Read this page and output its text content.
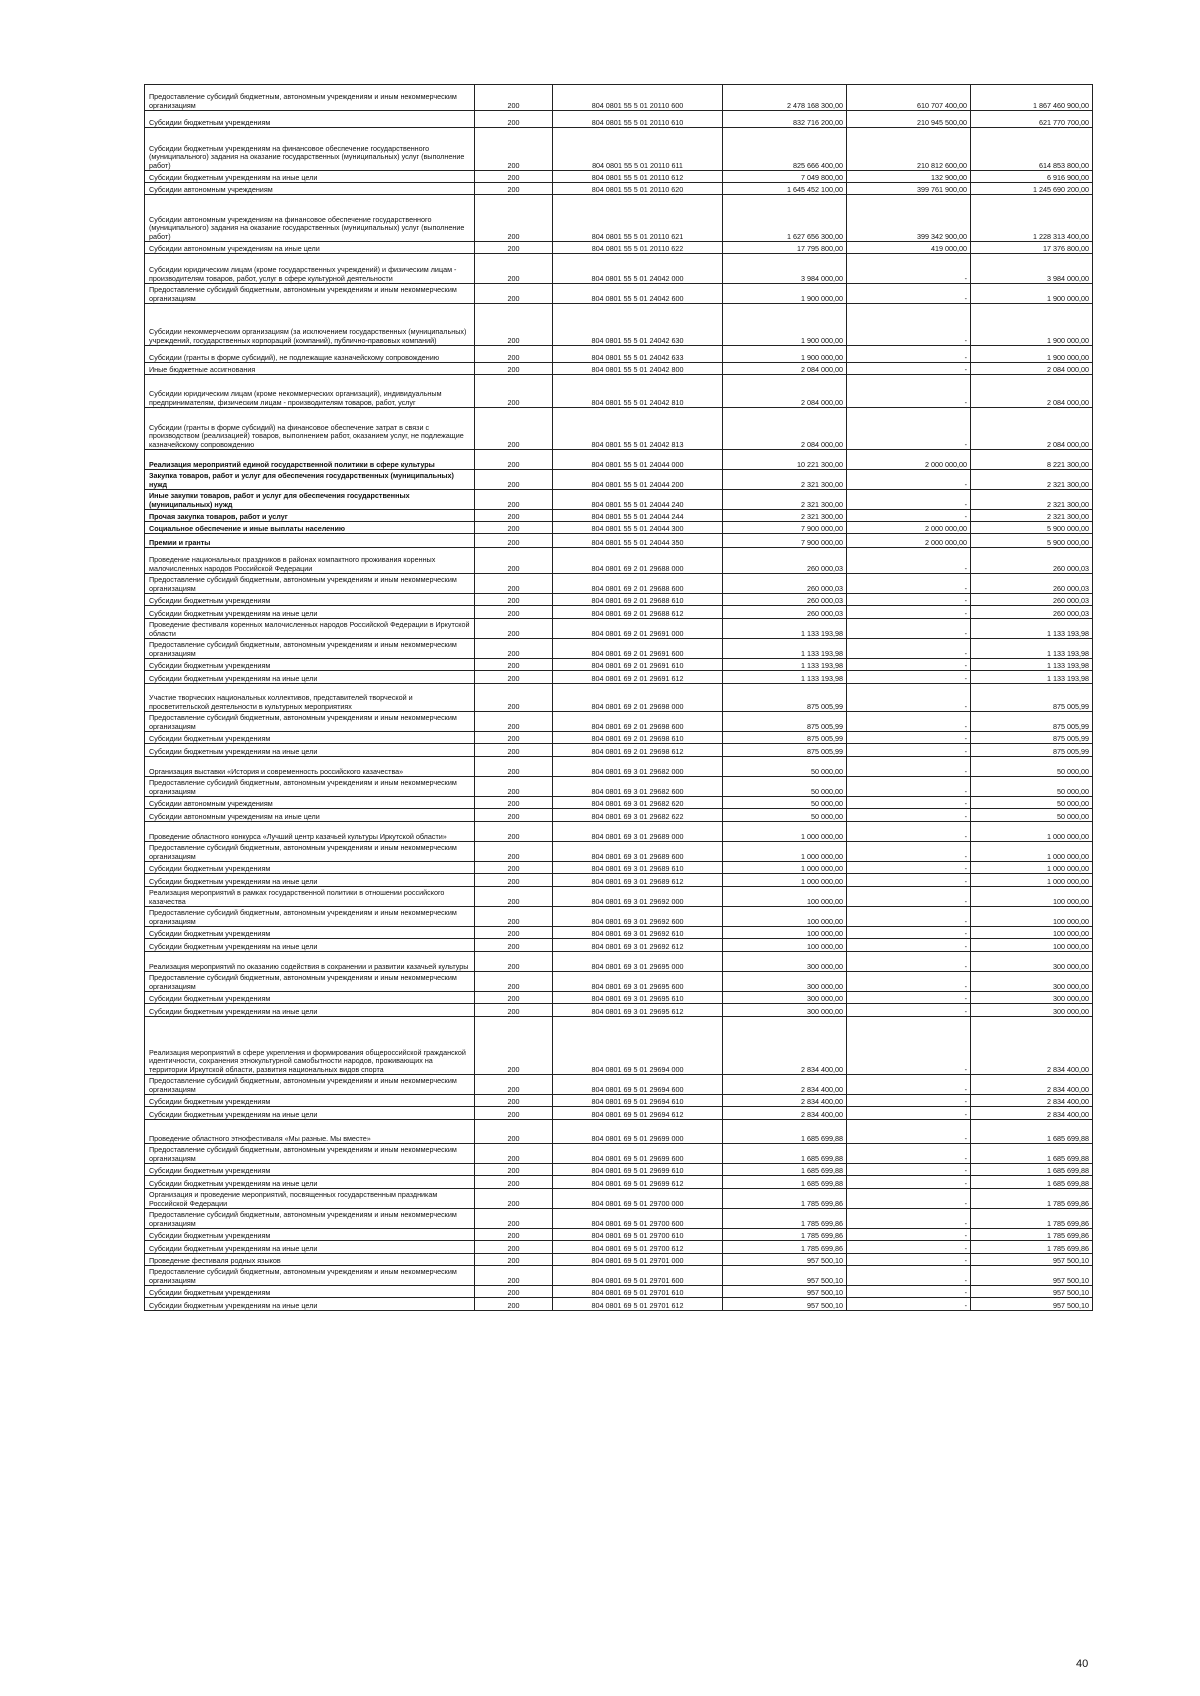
Предоставление субсидий бюджетным, автономным учреждениям и иным некоммерческим организациям	200	804 0801 55 5 01 20110 600	2 478 168 300,00	610 707 400,00	1 867 460 900,00
Субсидии бюджетным учреждениям	200	804 0801 55 5 01 20110 610	832 716 200,00	210 945 500,00	621 770 700,00
Субсидии бюджетным учреждениям на финансовое обеспечение государственного (муниципального) задания на оказание государственных (муниципальных) услуг (выполнение работ)	200	804 0801 55 5 01 20110 611	825 666 400,00	210 812 600,00	614 853 800,00
Субсидии бюджетным учреждениям на иные цели	200	804 0801 55 5 01 20110 612	7 049 800,00	132 900,00	6 916 900,00
Субсидии автономным учреждениям	200	804 0801 55 5 01 20110 620	1 645 452 100,00	399 761 900,00	1 245 690 200,00
Субсидии автономным учреждениям на финансовое обеспечение государственного (муниципального) задания на оказание государственных (муниципальных) услуг (выполнение работ)	200	804 0801 55 5 01 20110 621	1 627 656 300,00	399 342 900,00	1 228 313 400,00
Субсидии автономным учреждениям на иные цели	200	804 0801 55 5 01 20110 622	17 795 800,00	419 000,00	17 376 800,00
Субсидии юридическим лицам (кроме государственных учреждений) и физическим лицам - производителям товаров, работ, услуг в сфере культурной деятельности	200	804 0801 55 5 01 24042 000	3 984 000,00	-	3 984 000,00
Предоставление субсидий бюджетным, автономным учреждениям и иным некоммерческим организациям	200	804 0801 55 5 01 24042 600	1 900 000,00	-	1 900 000,00
Субсидии некоммерческим организациям (за исключением государственных (муниципальных) учреждений, государственных корпораций (компаний), публично-правовых компаний)	200	804 0801 55 5 01 24042 630	1 900 000,00	-	1 900 000,00
Субсидии (гранты в форме субсидий), не подлежащие казначейскому сопровождению	200	804 0801 55 5 01 24042 633	1 900 000,00	-	1 900 000,00
Иные бюджетные ассигнования	200	804 0801 55 5 01 24042 800	2 084 000,00	-	2 084 000,00
Субсидии юридическим лицам (кроме некоммерческих организаций), индивидуальным предпринимателям, физическим лицам - производителям товаров, работ, услуг	200	804 0801 55 5 01 24042 810	2 084 000,00	-	2 084 000,00
Субсидии (гранты в форме субсидий) на финансовое обеспечение затрат в связи с производством (реализацией) товаров, выполнением работ, оказанием услуг, не подлежащие казначейскому сопровождению	200	804 0801 55 5 01 24042 813	2 084 000,00	-	2 084 000,00
Реализация мероприятий единой государственной политики в сфере культуры	200	804 0801 55 5 01 24044 000	10 221 300,00	2 000 000,00	8 221 300,00
Закупка товаров, работ и услуг для обеспечения государственных (муниципальных) нужд	200	804 0801 55 5 01 24044 200	2 321 300,00	-	2 321 300,00
Иные закупки товаров, работ и услуг для обеспечения государственных (муниципальных) нужд	200	804 0801 55 5 01 24044 240	2 321 300,00	-	2 321 300,00
Прочая закупка товаров, работ и услуг	200	804 0801 55 5 01 24044 244	2 321 300,00	-	2 321 300,00
Социальное обеспечение и иные выплаты населению	200	804 0801 55 5 01 24044 300	7 900 000,00	2 000 000,00	5 900 000,00
Премии и гранты	200	804 0801 55 5 01 24044 350	7 900 000,00	2 000 000,00	5 900 000,00
Проведение национальных праздников в районах компактного проживания коренных малочисленных народов Российской Федерации	200	804 0801 69 2 01 29688 000	260 000,03	-	260 000,03
Предоставление субсидий бюджетным, автономным учреждениям и иным некоммерческим организациям	200	804 0801 69 2 01 29688 600	260 000,03	-	260 000,03
Субсидии бюджетным учреждениям	200	804 0801 69 2 01 29688 610	260 000,03	-	260 000,03
Субсидии бюджетным учреждениям на иные цели	200	804 0801 69 2 01 29688 612	260 000,03	-	260 000,03
Проведение фестиваля коренных малочисленных народов Российской Федерации в Иркутской области	200	804 0801 69 2 01 29691 000	1 133 193,98	-	1 133 193,98
Предоставление субсидий бюджетным, автономным учреждениям и иным некоммерческим организациям	200	804 0801 69 2 01 29691 600	1 133 193,98	-	1 133 193,98
Субсидии бюджетным учреждениям	200	804 0801 69 2 01 29691 610	1 133 193,98	-	1 133 193,98
Субсидии бюджетным учреждениям на иные цели	200	804 0801 69 2 01 29691 612	1 133 193,98	-	1 133 193,98
Участие творческих национальных коллективов, представителей творческой и просветительской деятельности в культурных мероприятиях	200	804 0801 69 2 01 29698 000	875 005,99	-	875 005,99
Предоставление субсидий бюджетным, автономным учреждениям и иным некоммерческим организациям	200	804 0801 69 2 01 29698 600	875 005,99	-	875 005,99
Субсидии бюджетным учреждениям	200	804 0801 69 2 01 29698 610	875 005,99	-	875 005,99
Субсидии бюджетным учреждениям на иные цели	200	804 0801 69 2 01 29698 612	875 005,99	-	875 005,99
Организация выставки «История и современность российского казачества»	200	804 0801 69 3 01 29682 000	50 000,00	-	50 000,00
Предоставление субсидий бюджетным, автономным учреждениям и иным некоммерческим организациям	200	804 0801 69 3 01 29682 600	50 000,00	-	50 000,00
Субсидии автономным учреждениям	200	804 0801 69 3 01 29682 620	50 000,00	-	50 000,00
Субсидии автономным учреждениям на иные цели	200	804 0801 69 3 01 29682 622	50 000,00	-	50 000,00
Проведение областного конкурса «Лучший центр казачьей культуры Иркутской области»	200	804 0801 69 3 01 29689 000	1 000 000,00	-	1 000 000,00
Предоставление субсидий бюджетным, автономным учреждениям и иным некоммерческим организациям	200	804 0801 69 3 01 29689 600	1 000 000,00	-	1 000 000,00
Субсидии бюджетным учреждениям	200	804 0801 69 3 01 29689 610	1 000 000,00	-	1 000 000,00
Субсидии бюджетным учреждениям на иные цели	200	804 0801 69 3 01 29689 612	1 000 000,00	-	1 000 000,00
Реализация мероприятий в рамках государственной политики в отношении российского казачества	200	804 0801 69 3 01 29692 000	100 000,00	-	100 000,00
Предоставление субсидий бюджетным, автономным учреждениям и иным некоммерческим организациям	200	804 0801 69 3 01 29692 600	100 000,00	-	100 000,00
Субсидии бюджетным учреждениям	200	804 0801 69 3 01 29692 610	100 000,00	-	100 000,00
Субсидии бюджетным учреждениям на иные цели	200	804 0801 69 3 01 29692 612	100 000,00	-	100 000,00
Реализация мероприятий по оказанию содействия в сохранении и развитии казачьей культуры	200	804 0801 69 3 01 29695 000	300 000,00	-	300 000,00
Предоставление субсидий бюджетным, автономным учреждениям и иным некоммерческим организациям	200	804 0801 69 3 01 29695 600	300 000,00	-	300 000,00
Субсидии бюджетным учреждениям	200	804 0801 69 3 01 29695 610	300 000,00	-	300 000,00
Субсидии бюджетным учреждениям на иные цели	200	804 0801 69 3 01 29695 612	300 000,00	-	300 000,00
Реализация мероприятий в сфере укрепления и формирования общероссийской гражданской идентичности, сохранения этнокультурной самобытности народов, проживающих на территории Иркутской области, развития национальных видов спорта	200	804 0801 69 5 01 29694 000	2 834 400,00	-	2 834 400,00
Предоставление субсидий бюджетным, автономным учреждениям и иным некоммерческим организациям	200	804 0801 69 5 01 29694 600	2 834 400,00	-	2 834 400,00
Субсидии бюджетным учреждениям	200	804 0801 69 5 01 29694 610	2 834 400,00	-	2 834 400,00
Субсидии бюджетным учреждениям на иные цели	200	804 0801 69 5 01 29694 612	2 834 400,00	-	2 834 400,00
Проведение областного этнофестиваля «Мы разные. Мы вместе»	200	804 0801 69 5 01 29699 000	1 685 699,88	-	1 685 699,88
Предоставление субсидий бюджетным, автономным учреждениям и иным некоммерческим организациям	200	804 0801 69 5 01 29699 600	1 685 699,88	-	1 685 699,88
Субсидии бюджетным учреждениям	200	804 0801 69 5 01 29699 610	1 685 699,88	-	1 685 699,88
Субсидии бюджетным учреждениям на иные цели	200	804 0801 69 5 01 29699 612	1 685 699,88	-	1 685 699,88
Организация и проведение мероприятий, посвященных государственным праздникам Российской Федерации	200	804 0801 69 5 01 29700 000	1 785 699,86	-	1 785 699,86
Предоставление субсидий бюджетным, автономным учреждениям и иным некоммерческим организациям	200	804 0801 69 5 01 29700 600	1 785 699,86	-	1 785 699,86
Субсидии бюджетным учреждениям	200	804 0801 69 5 01 29700 610	1 785 699,86	-	1 785 699,86
Субсидии бюджетным учреждениям на иные цели	200	804 0801 69 5 01 29700 612	1 785 699,86	-	1 785 699,86
Проведение фестиваля родных языков	200	804 0801 69 5 01 29701 000	957 500,10	-	957 500,10
Предоставление субсидий бюджетным, автономным учреждениям и иным некоммерческим организациям	200	804 0801 69 5 01 29701 600	957 500,10	-	957 500,10
Субсидии бюджетным учреждениям	200	804 0801 69 5 01 29701 610	957 500,10	-	957 500,10
Субсидии бюджетным учреждениям на иные цели	200	804 0801 69 5 01 29701 612	957 500,10	-	957 500,10
40
